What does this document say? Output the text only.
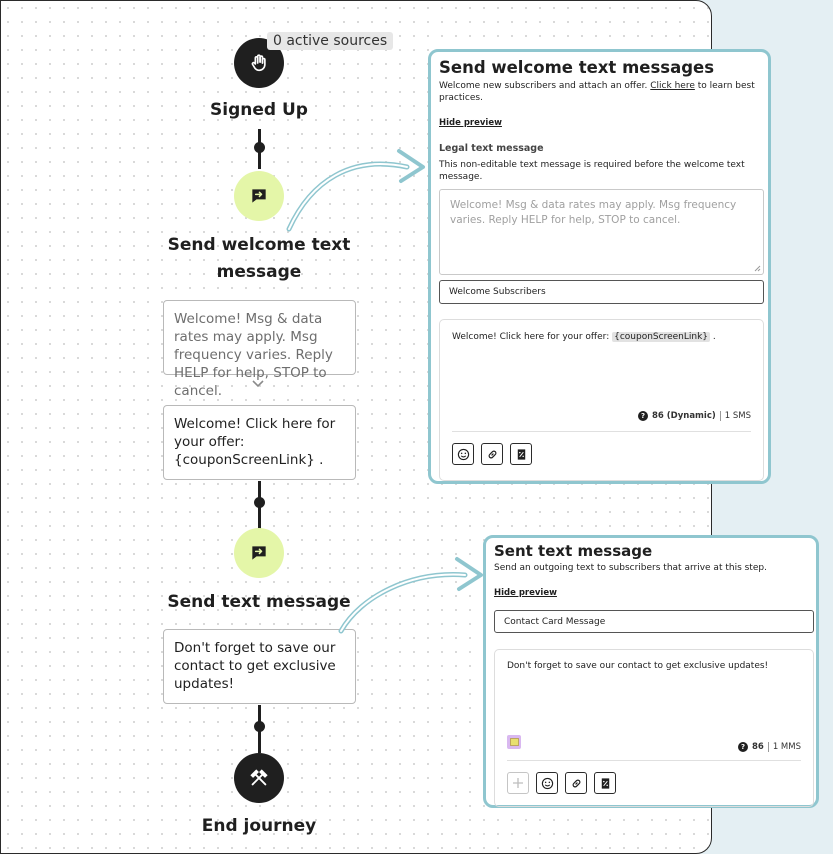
0 active sources
Signed Up
Send welcome text
message
Welcome! Msg & data rates may apply. Msg frequency varies. Reply HELP for help, STOP to cancel.
Welcome! Click here for your offer: {couponScreenLink} .
Send text message
Don't forget to save our contact to get exclusive updates!
End journey
Send welcome text messages
Welcome new subscribers and attach an offer. Click here to learn best practices.
Hide preview
Legal text message
This non-editable text message is required before the welcome text message.
Welcome! Msg & data rates may apply. Msg frequency varies. Reply HELP for help, STOP to cancel.
Welcome Subscribers
Welcome! Click here for your offer: {couponScreenLink} .
? 86 (Dynamic) 1 SMS
Sent text message
Send an outgoing text to subscribers that arrive at this step.
Hide preview
Contact Card Message
Don't forget to save our contact to get exclusive updates!
? 86 1 MMS
